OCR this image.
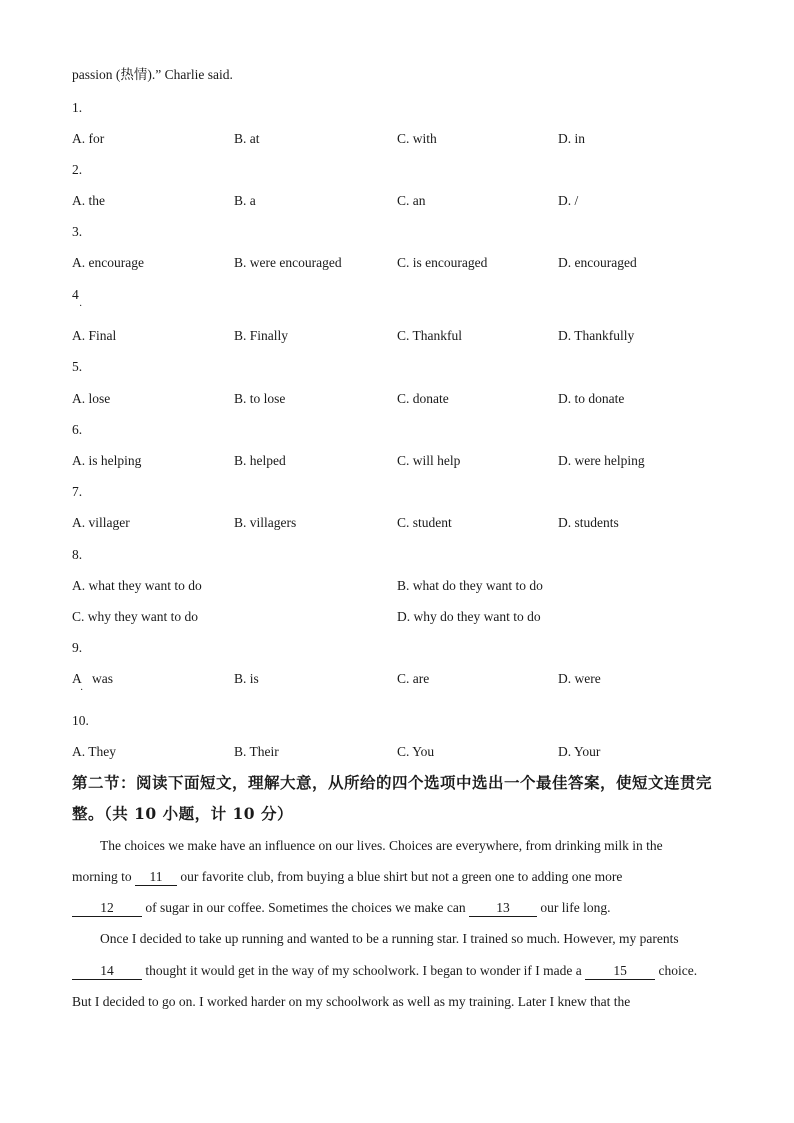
passion (热情).” Charlie said.
1.
A. for	B. at	C. with	D. in
2.
A. the	B. a	C. an	D. /
3.
A. encourage	B. were encouraged	C. is encouraged	D. encouraged
4
·
A. Final	B. Finally	C. Thankful	D. Thankfully
5.
A. lose	B. to lose	C. donate	D. to donate
6.
A. is helping	B. helped	C. will help	D. were helping
7.
A. villager	B. villagers	C. student	D. students
8.
A. what they want to do	B. what do they want to do
C. why they want to do	D. why do they want to do
9.
A was	B. is	C. are	D. were
·
10.
A. They	B. Their	C. You	D. Your
第二节：阅读下面短文，理解大意，从所给的四个选项中选出一个最佳答案，使短文连贯完
整。（共 10 小题，计 10 分）
The choices we make have an influence on our lives. Choices are everywhere, from drinking milk in the
morning to 11 our favorite club, from buying a blue shirt but not a green one to adding one more
12 of sugar in our coffee. Sometimes the choices we make can 13 our life long.
Once I decided to take up running and wanted to be a running star. I trained so much. However, my parents
14 thought it would get in the way of my schoolwork. I began to wonder if I made a 15 choice.
But I decided to go on. I worked harder on my schoolwork as well as my training. Later I knew that the
